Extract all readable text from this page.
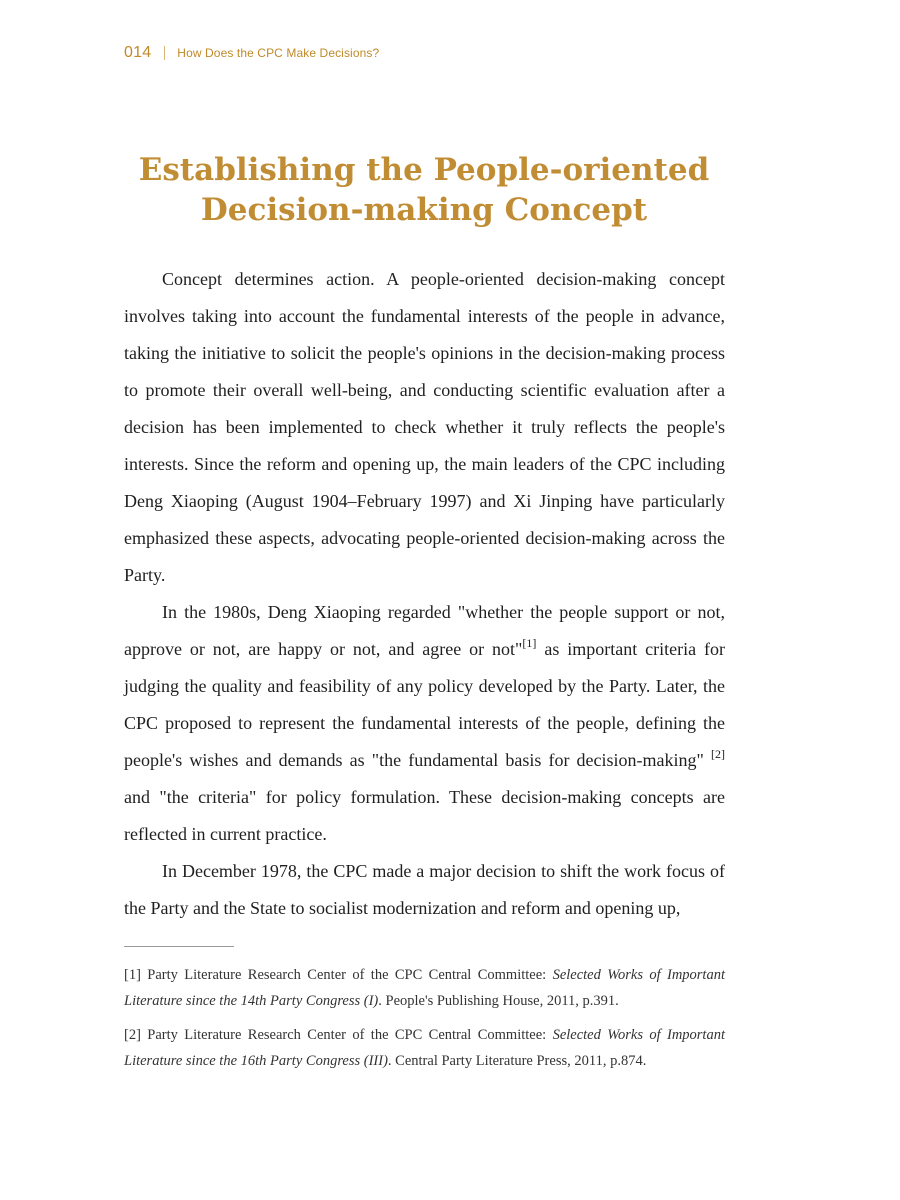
014 How Does the CPC Make Decisions?
Establishing the People-oriented
Decision-making Concept

Concept determines action. A people-oriented decision-making concept involves taking into account the fundamental interests of the people in advance, taking the initiative to solicit the people's opinions in the decision-making process to promote their overall well-being, and conducting scientific evaluation after a decision has been implemented to check whether it truly reflects the people's interests. Since the reform and opening up, the main leaders of the CPC including Deng Xiaoping (August 1904–February 1997) and Xi Jinping have particularly emphasized these aspects, advocating people-oriented decision-making across the Party.

In the 1980s, Deng Xiaoping regarded "whether the people support or not, approve or not, are happy or not, and agree or not"[1] as important criteria for judging the quality and feasibility of any policy developed by the Party. Later, the CPC proposed to represent the fundamental interests of the people, defining the people's wishes and demands as "the fundamental basis for decision-making" [2] and "the criteria" for policy formulation. These decision-making concepts are reflected in current practice.

In December 1978, the CPC made a major decision to shift the work focus of the Party and the State to socialist modernization and reform and opening up,

[1] Party Literature Research Center of the CPC Central Committee: Selected Works of Important Literature since the 14th Party Congress (I). People's Publishing House, 2011, p.391.

[2] Party Literature Research Center of the CPC Central Committee: Selected Works of Important Literature since the 16th Party Congress (III). Central Party Literature Press, 2011, p.874.
